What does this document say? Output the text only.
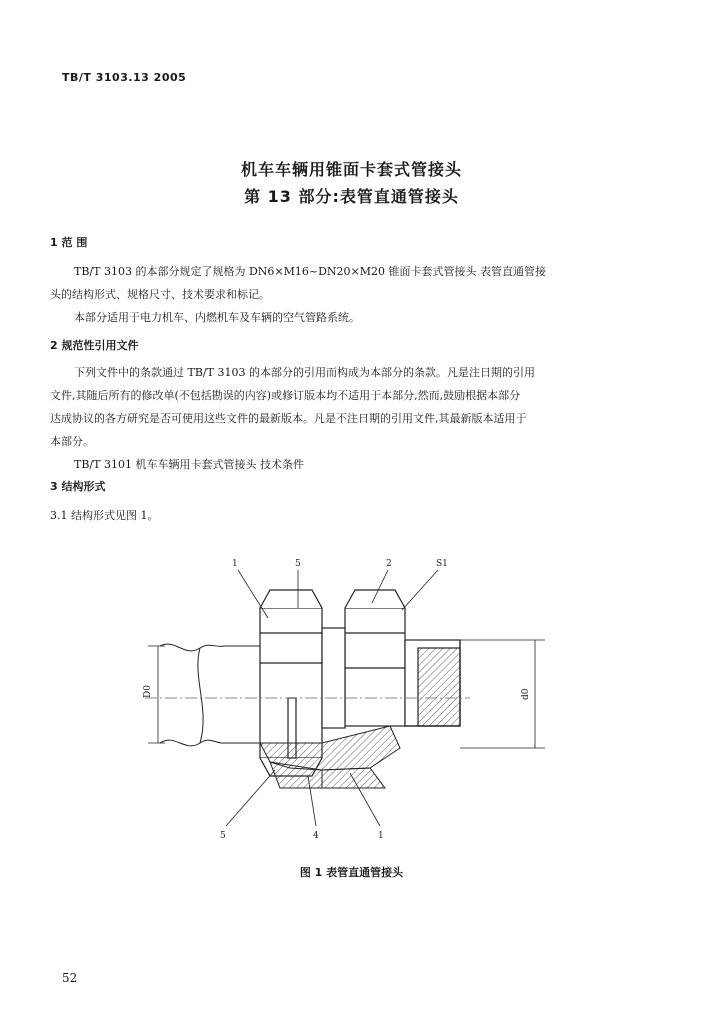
TB/T 3103.13 2005
机车车辆用锥面卡套式管接头
第 13 部分:表管直通管接头
1 范 围
TB/T 3103 的本部分规定了规格为 DN6×M16~DN20×M20 锥面卡套式管接头 表管直通管接
头的结构形式、规格尺寸、技术要求和标记。
本部分适用于电力机车、内燃机车及车辆的空气管路系统。
2 规范性引用文件
下列文件中的条款通过 TB/T 3103 的本部分的引用而构成为本部分的条款。凡是注日期的引用
文件,其随后所有的修改单(不包括勘误的内容)或修订版本均不适用于本部分,然而,鼓励根据本部分
达成协议的各方研究是否可使用这些文件的最新版本。凡是不注日期的引用文件,其最新版本适用于
本部分。
TB/T 3101 机车车辆用卡套式管接头 技术条件
3 结构形式
3.1 结构形式见图 1。
D0	d0
1	5	2	S1
5	4	1
图 1 表管直通管接头
52
